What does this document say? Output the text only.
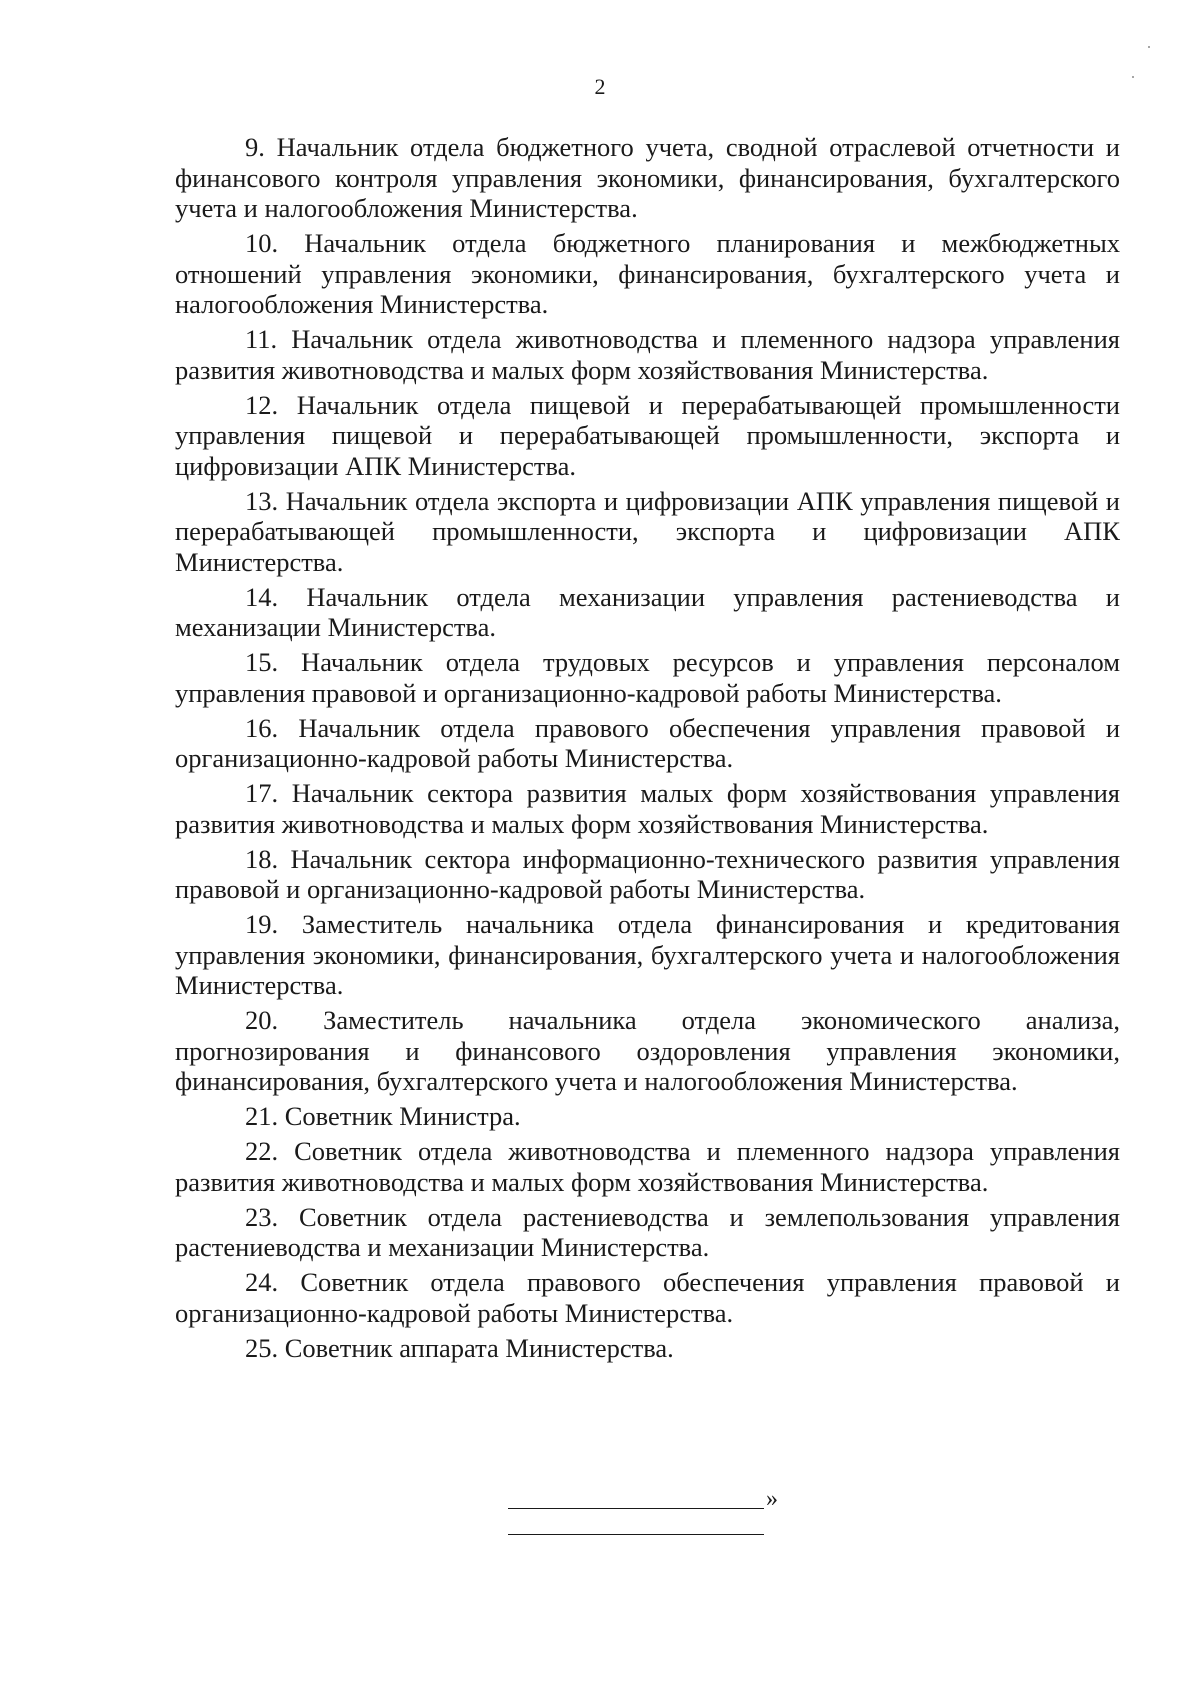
2

9. Начальник отдела бюджетного учета, сводной отраслевой отчетности и финансового контроля управления экономики, финансирования, бухгалтерского учета и налогообложения Министерства.

10. Начальник отдела бюджетного планирования и межбюджетных отношений управления экономики, финансирования, бухгалтерского учета и налогообложения Министерства.

11. Начальник отдела животноводства и племенного надзора управления развития животноводства и малых форм хозяйствования Министерства.

12. Начальник отдела пищевой и перерабатывающей промышленности управления пищевой и перерабатывающей промышленности, экспорта и цифровизации АПК Министерства.

13. Начальник отдела экспорта и цифровизации АПК управления пищевой и перерабатывающей промышленности, экспорта и цифровизации АПК Министерства.

14. Начальник отдела механизации управления растениеводства и механизации Министерства.

15. Начальник отдела трудовых ресурсов и управления персоналом управления правовой и организационно-кадровой работы Министерства.

16. Начальник отдела правового обеспечения управления правовой и организационно-кадровой работы Министерства.

17. Начальник сектора развития малых форм хозяйствования управления развития животноводства и малых форм хозяйствования Министерства.

18. Начальник сектора информационно-технического развития управления правовой и организационно-кадровой работы Министерства.

19. Заместитель начальника отдела финансирования и кредитования управления экономики, финансирования, бухгалтерского учета и налогообложения Министерства.

20. Заместитель начальника отдела экономического анализа, прогнозирования и финансового оздоровления управления экономики, финансирования, бухгалтерского учета и налогообложения Министерства.

21. Советник Министра.

22. Советник отдела животноводства и племенного надзора управления развития животноводства и малых форм хозяйствования Министерства.

23. Советник отдела растениеводства и землепользования управления растениеводства и механизации Министерства.

24. Советник отдела правового обеспечения управления правовой и организационно-кадровой работы Министерства.

25. Советник аппарата Министерства.

»
